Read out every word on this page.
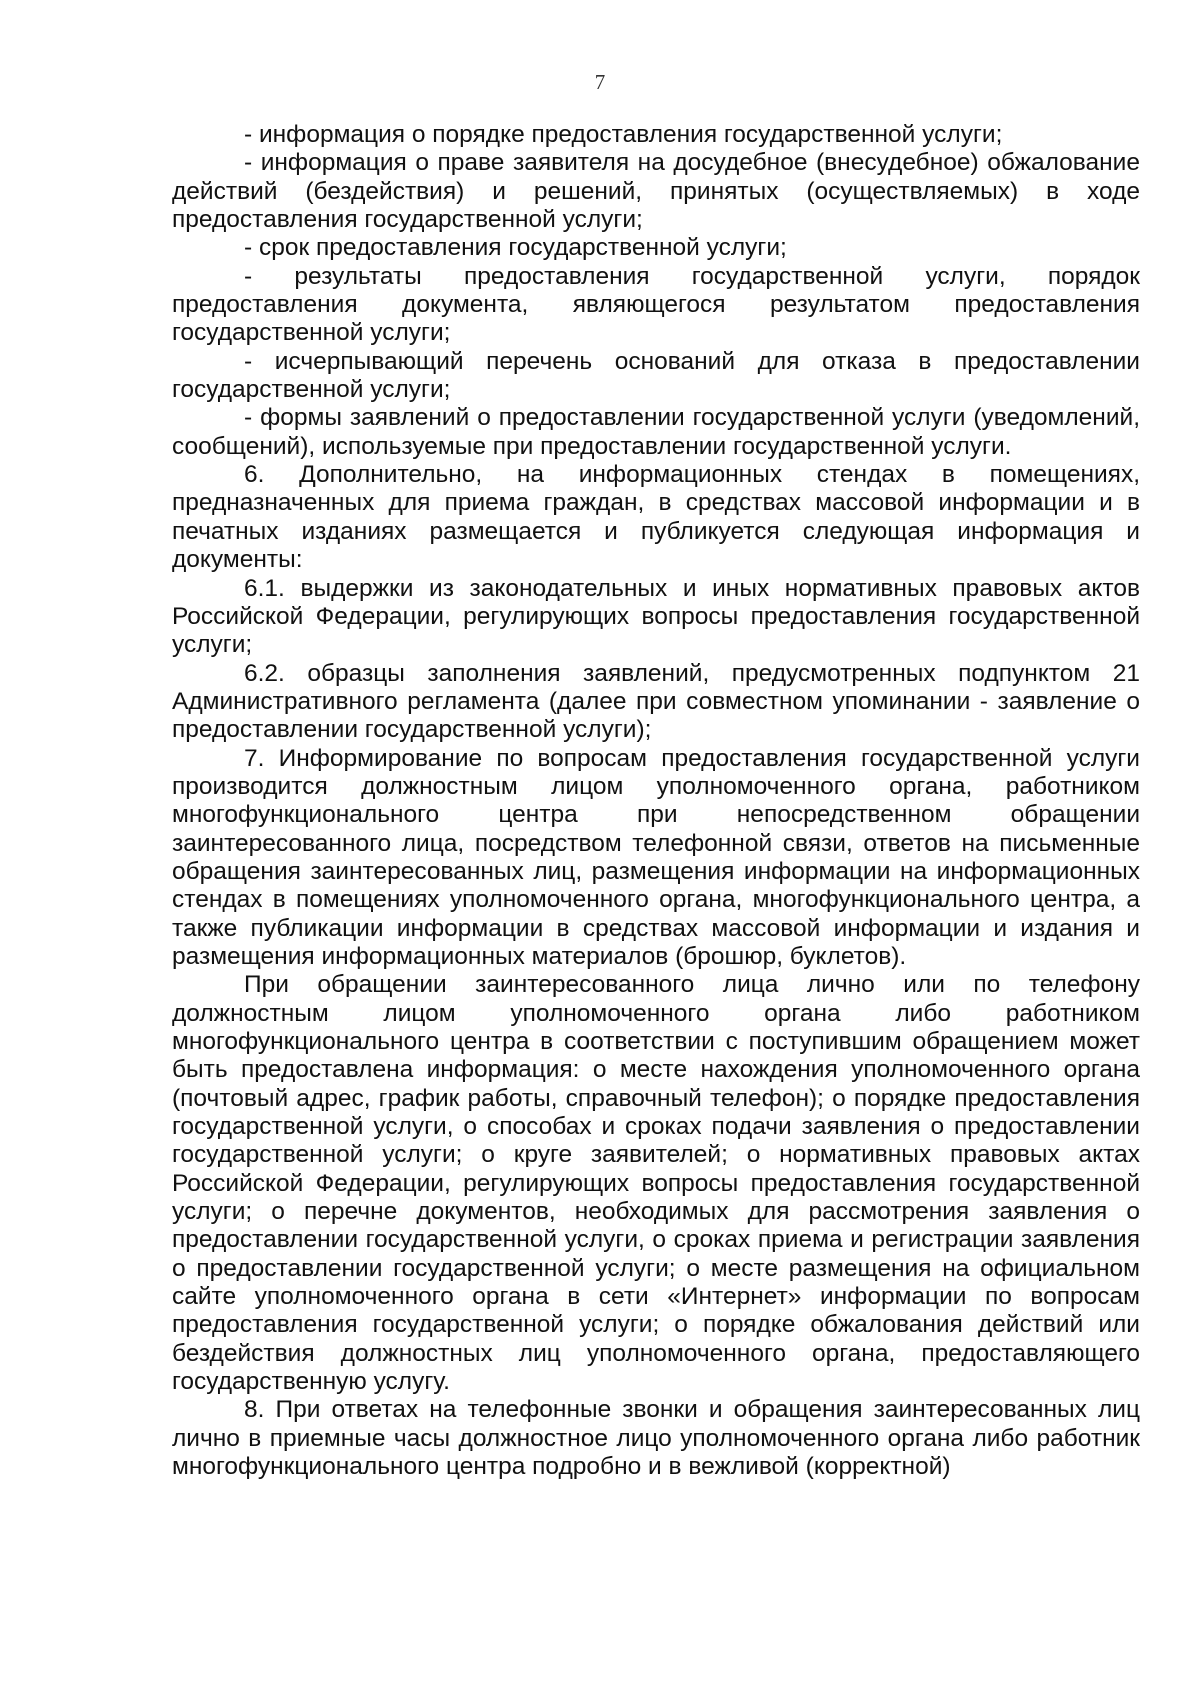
7

- информация о порядке предоставления государственной услуги;

- информация о праве заявителя на досудебное (внесудебное) обжалование действий (бездействия) и решений, принятых (осуществляемых) в ходе предоставления государственной услуги;

- срок предоставления государственной услуги;

- результаты предоставления государственной услуги, порядок предоставления документа, являющегося результатом предоставления государственной услуги;

- исчерпывающий перечень оснований для отказа в предоставлении государственной услуги;

- формы заявлений о предоставлении государственной услуги (уведомлений, сообщений), используемые при предоставлении государственной услуги.

6. Дополнительно, на информационных стендах в помещениях, предназначенных для приема граждан, в средствах массовой информации и в печатных изданиях размещается и публикуется следующая информация и документы:

6.1. выдержки из законодательных и иных нормативных правовых актов Российской Федерации, регулирующих вопросы предоставления государственной услуги;

6.2. образцы заполнения заявлений, предусмотренных подпунктом 21 Административного регламента (далее при совместном упоминании - заявление о предоставлении государственной услуги);

7. Информирование по вопросам предоставления государственной услуги производится должностным лицом уполномоченного органа, работником многофункционального центра при непосредственном обращении заинтересованного лица, посредством телефонной связи, ответов на письменные обращения заинтересованных лиц, размещения информации на информационных стендах в помещениях уполномоченного органа, многофункционального центра, а также публикации информации в средствах массовой информации и издания и размещения информационных материалов (брошюр, буклетов).

При обращении заинтересованного лица лично или по телефону должностным лицом уполномоченного органа либо работником многофункционального центра в соответствии с поступившим обращением может быть предоставлена информация: о месте нахождения уполномоченного органа (почтовый адрес, график работы, справочный телефон); о порядке предоставления государственной услуги, о способах и сроках подачи заявления о предоставлении государственной услуги; о круге заявителей; о нормативных правовых актах Российской Федерации, регулирующих вопросы предоставления государственной услуги; о перечне документов, необходимых для рассмотрения заявления о предоставлении государственной услуги, о сроках приема и регистрации заявления о предоставлении государственной услуги; о месте размещения на официальном сайте уполномоченного органа в сети «Интернет» информации по вопросам предоставления государственной услуги; о порядке обжалования действий или бездействия должностных лиц уполномоченного органа, предоставляющего государственную услугу.

8. При ответах на телефонные звонки и обращения заинтересованных лиц лично в приемные часы должностное лицо уполномоченного органа либо работник многофункционального центра подробно и в вежливой (корректной)
